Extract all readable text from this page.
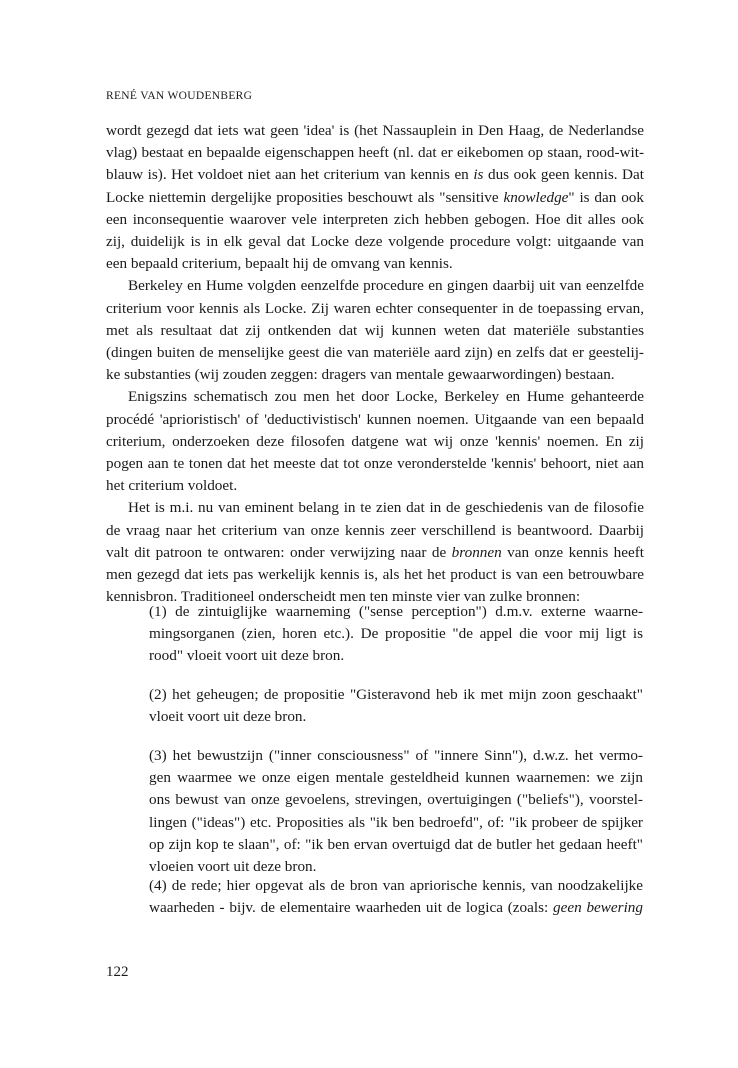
RENÉ VAN WOUDENBERG
wordt gezegd dat iets wat geen 'idea' is (het Nassauplein in Den Haag, de Nederlandse
vlag) bestaat en bepaalde eigenschappen heeft (nl. dat er eikebomen op staan, rood-wit-
blauw is). Het voldoet niet aan het criterium van kennis en is dus ook geen kennis. Dat
Locke niettemin dergelijke proposities beschouwt als "sensitive knowledge" is dan ook
een inconsequentie waarover vele interpreten zich hebben gebogen. Hoe dit alles ook
zij, duidelijk is in elk geval dat Locke deze volgende procedure volgt: uitgaande van
een bepaald criterium, bepaalt hij de omvang van kennis.
Berkeley en Hume volgden eenzelfde procedure en gingen daarbij uit van eenzelfde
criterium voor kennis als Locke. Zij waren echter consequenter in de toepassing ervan,
met als resultaat dat zij ontkenden dat wij kunnen weten dat materiële substanties
(dingen buiten de menselijke geest die van materiële aard zijn) en zelfs dat er geestelij-
ke substanties (wij zouden zeggen: dragers van mentale gewaarwordingen) bestaan.
Enigszins schematisch zou men het door Locke, Berkeley en Hume gehanteerde
procédé 'aprioristisch' of 'deductivistisch' kunnen noemen. Uitgaande van een bepaald
criterium, onderzoeken deze filosofen datgene wat wij onze 'kennis' noemen. En zij
pogen aan te tonen dat het meeste dat tot onze veronderstelde 'kennis' behoort, niet aan
het criterium voldoet.
Het is m.i. nu van eminent belang in te zien dat in de geschiedenis van de filosofie
de vraag naar het criterium van onze kennis zeer verschillend is beantwoord. Daarbij
valt dit patroon te ontwaren: onder verwijzing naar de bronnen van onze kennis heeft
men gezegd dat iets pas werkelijk kennis is, als het het product is van een betrouwbare
kennisbron. Traditioneel onderscheidt men ten minste vier van zulke bronnen:
(1) de zintuiglijke waarneming ("sense perception") d.m.v. externe waarne-
mingsorganen (zien, horen etc.). De propositie "de appel die voor mij ligt is
rood" vloeit voort uit deze bron.
(2) het geheugen; de propositie "Gisteravond heb ik met mijn zoon geschaakt"
vloeit voort uit deze bron.
(3) het bewustzijn ("inner consciousness" of "innere Sinn"), d.w.z. het vermo-
gen waarmee we onze eigen mentale gesteldheid kunnen waarnemen: we zijn
ons bewust van onze gevoelens, strevingen, overtuigingen ("beliefs"), voorstel-
lingen ("ideas") etc. Proposities als "ik ben bedroefd", of: "ik probeer de spijker
op zijn kop te slaan", of: "ik ben ervan overtuigd dat de butler het gedaan heeft"
vloeien voort uit deze bron.
(4) de rede; hier opgevat als de bron van apriorische kennis, van noodzakelijke
waarheden - bijv. de elementaire waarheden uit de logica (zoals: geen bewering
122
